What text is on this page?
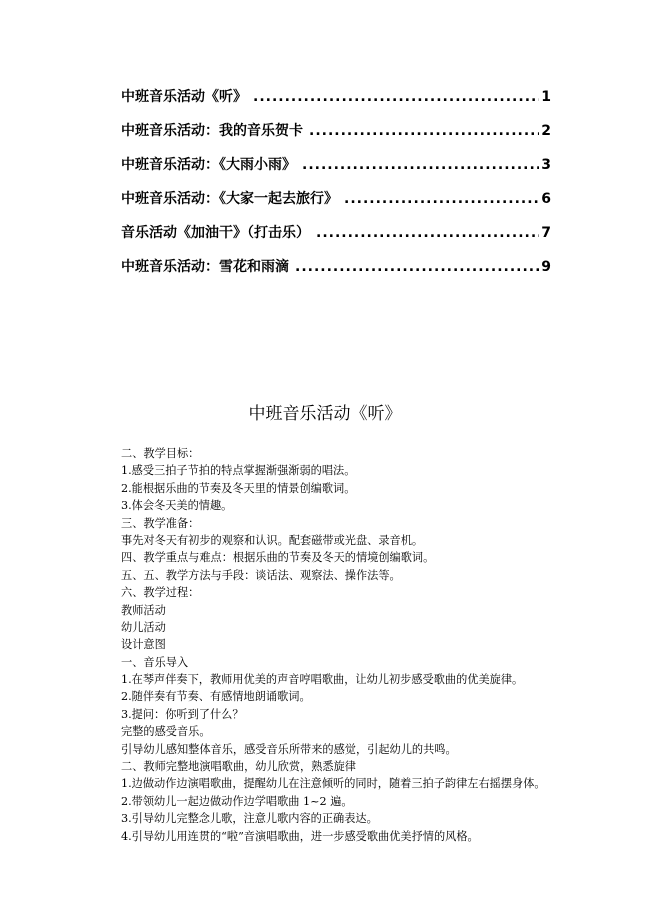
中班音乐活动《听》 .....	1
中班音乐活动：我的音乐贺卡 .....	2
中班音乐活动：《大雨小雨》 .....	3
中班音乐活动：《大家一起去旅行》 .....	6
音乐活动《加油干》（打击乐） .....	7
中班音乐活动：雪花和雨滴 .....	9
中班音乐活动《听》
二、教学目标：
1.感受三拍子节拍的特点掌握渐强渐弱的唱法。
2.能根据乐曲的节奏及冬天里的情景创编歌词。
3.体会冬天美的情趣。
三、教学准备：
事先对冬天有初步的观察和认识。配套磁带或光盘、录音机。
四、教学重点与难点：根据乐曲的节奏及冬天的情境创编歌词。
五、五、教学方法与手段：谈话法、观察法、操作法等。
六、教学过程：
教师活动
幼儿活动
设计意图
一、音乐导入
1.在琴声伴奏下，教师用优美的声音哼唱歌曲，让幼儿初步感受歌曲的优美旋律。
2.随伴奏有节奏、有感情地朗诵歌词。
3.提问：你听到了什么？
完整的感受音乐。
引导幼儿感知整体音乐，感受音乐所带来的感觉，引起幼儿的共鸣。
二、教师完整地演唱歌曲，幼儿欣赏，熟悉旋律
1.边做动作边演唱歌曲，提醒幼儿在注意倾听的同时，随着三拍子韵律左右摇摆身体。
2.带领幼儿一起边做动作边学唱歌曲 1~2 遍。
3.引导幼儿完整念儿歌，注意儿歌内容的正确表达。
4.引导幼儿用连贯的“啦”音演唱歌曲，进一步感受歌曲优美抒情的风格。
